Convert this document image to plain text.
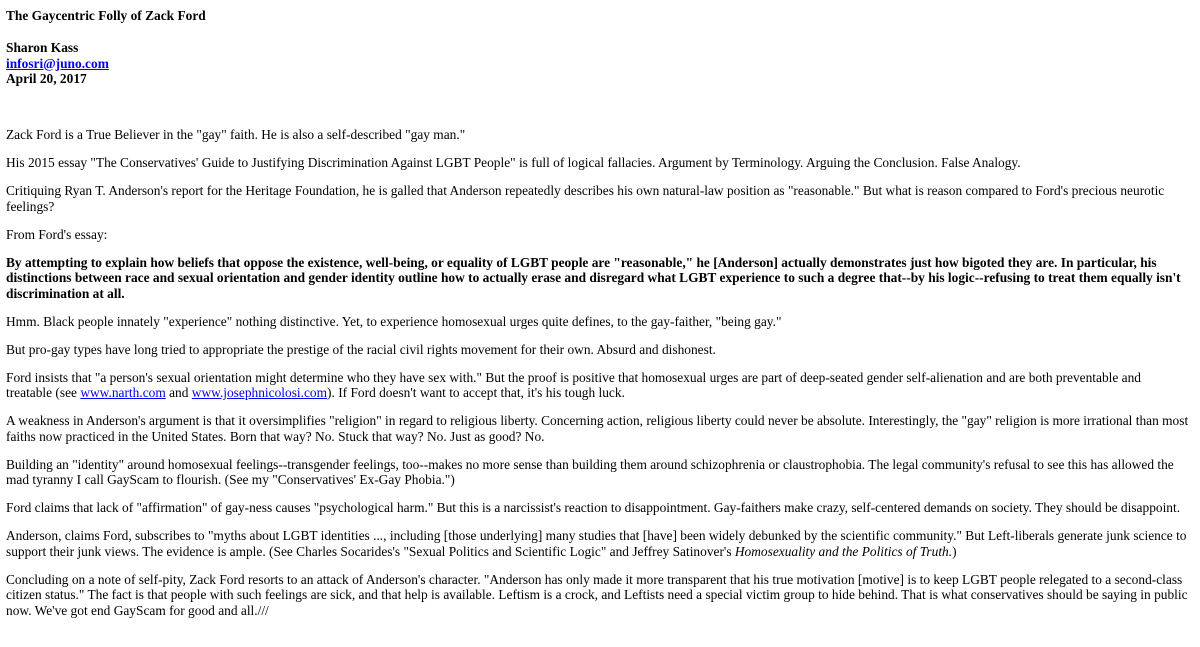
The Gaycentric Folly of Zack Ford
Sharon Kass
infosri@juno.com
April 20, 2017

Zack Ford is a True Believer in the "gay" faith. He is also a self-described "gay man."

His 2015 essay "The Conservatives' Guide to Justifying Discrimination Against LGBT People" is full of logical fallacies. Argument by Terminology. Arguing the Conclusion. False Analogy.

Critiquing Ryan T. Anderson's report for the Heritage Foundation, he is galled that Anderson repeatedly describes his own natural-law position as "reasonable." But what is reason compared to Ford's precious neurotic feelings?

From Ford's essay:

By attempting to explain how beliefs that oppose the existence, well-being, or equality of LGBT people are "reasonable," he [Anderson] actually demonstrates just how bigoted they are. In particular, his distinctions between race and sexual orientation and gender identity outline how to actually erase and disregard what LGBT experience to such a degree that--by his logic--refusing to treat them equally isn't discrimination at all.

Hmm. Black people innately "experience" nothing distinctive. Yet, to experience homosexual urges quite defines, to the gay-faither, "being gay."

But pro-gay types have long tried to appropriate the prestige of the racial civil rights movement for their own. Absurd and dishonest.

Ford insists that "a person's sexual orientation might determine who they have sex with." But the proof is positive that homosexual urges are part of deep-seated gender self-alienation and are both preventable and treatable (see www.narth.com and www.josephnicolosi.com). If Ford doesn't want to accept that, it's his tough luck.

A weakness in Anderson's argument is that it oversimplifies "religion" in regard to religious liberty. Concerning action, religious liberty could never be absolute. Interestingly, the "gay" religion is more irrational than most faiths now practiced in the United States. Born that way? No. Stuck that way? No. Just as good? No.

Building an "identity" around homosexual feelings--transgender feelings, too--makes no more sense than building them around schizophrenia or claustrophobia. The legal community's refusal to see this has allowed the mad tyranny I call GayScam to flourish. (See my "Conservatives' Ex-Gay Phobia.")

Ford claims that lack of "affirmation" of gay-ness causes "psychological harm." But this is a narcissist's reaction to disappointment. Gay-faithers make crazy, self-centered demands on society. They should be disappoint.

Anderson, claims Ford, subscribes to "myths about LGBT identities ..., including [those underlying] many studies that [have] been widely debunked by the scientific community." But Left-liberals generate junk science to support their junk views. The evidence is ample. (See Charles Socarides's "Sexual Politics and Scientific Logic" and Jeffrey Satinover's Homosexuality and the Politics of Truth.)

Concluding on a note of self-pity, Zack Ford resorts to an attack of Anderson's character. "Anderson has only made it more transparent that his true motivation [motive] is to keep LGBT people relegated to a second-class citizen status." The fact is that people with such feelings are sick, and that help is available. Leftism is a crock, and Leftists need a special victim group to hide behind. That is what conservatives should be saying in public now. We've got end GayScam for good and all.///
